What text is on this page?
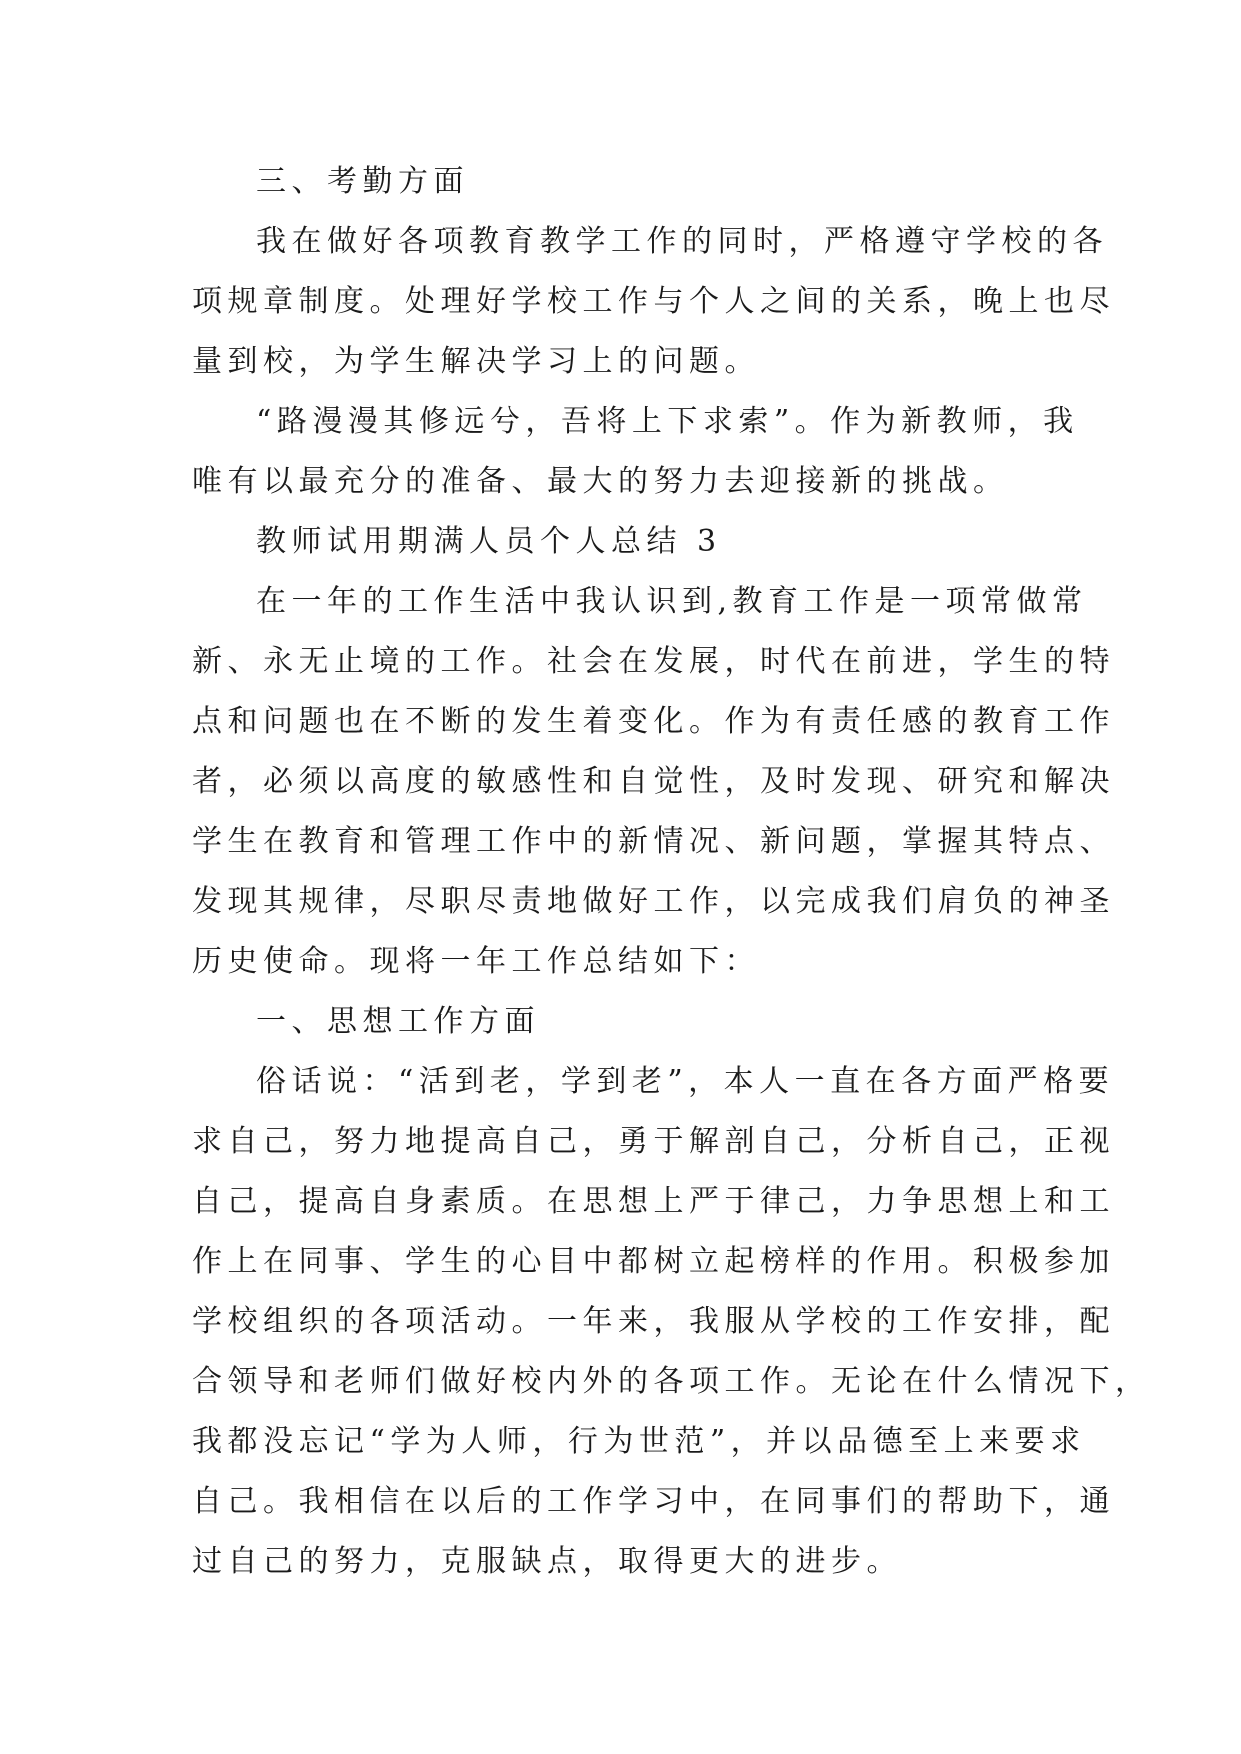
三、考勤方面
我在做好各项教育教学工作的同时，严格遵守学校的各
项规章制度。处理好学校工作与个人之间的关系，晚上也尽
量到校，为学生解决学习上的问题。
“路漫漫其修远兮，吾将上下求索”。作为新教师，我
唯有以最充分的准备、最大的努力去迎接新的挑战。
教师试用期满人员个人总结 3
在一年的工作生活中我认识到,教育工作是一项常做常
新、永无止境的工作。社会在发展，时代在前进，学生的特
点和问题也在不断的发生着变化。作为有责任感的教育工作
者，必须以高度的敏感性和自觉性，及时发现、研究和解决
学生在教育和管理工作中的新情况、新问题，掌握其特点、
发现其规律，尽职尽责地做好工作，以完成我们肩负的神圣
历史使命。现将一年工作总结如下：
一、思想工作方面
俗话说：“活到老，学到老”，本人一直在各方面严格要
求自己，努力地提高自己，勇于解剖自己，分析自己，正视
自己，提高自身素质。在思想上严于律己，力争思想上和工
作上在同事、学生的心目中都树立起榜样的作用。积极参加
学校组织的各项活动。一年来，我服从学校的工作安排，配
合领导和老师们做好校内外的各项工作。无论在什么情况下，
我都没忘记“学为人师，行为世范”，并以品德至上来要求
自己。我相信在以后的工作学习中，在同事们的帮助下，通
过自己的努力，克服缺点，取得更大的进步。
